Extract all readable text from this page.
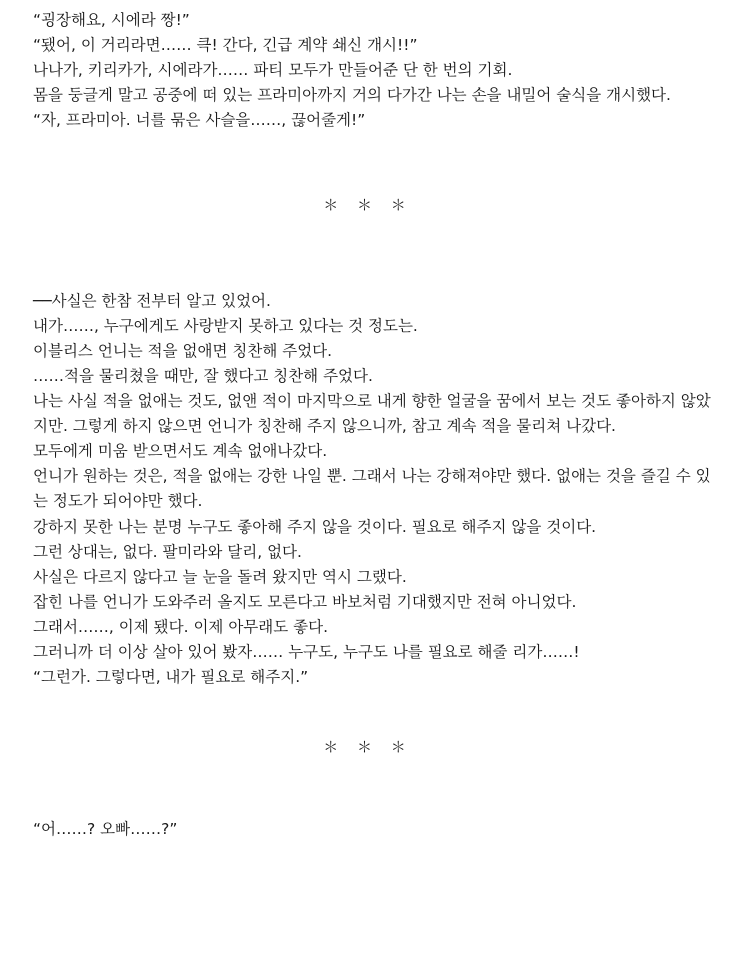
“굉장해요, 시에라 짱!”

“됐어, 이 거리라면…… 큭! 간다, 긴급 계약 쇄신 개시!!”

나나가, 키리카가, 시에라가…… 파티 모두가 만들어준 단 한 번의 기회.

몸을 둥글게 말고 공중에 떠 있는 프라미아까지 거의 다가간 나는 손을 내밀어 술식을 개시했다.

“자, 프라미아. 너를 묶은 사슬을……, 끊어줄게!”

＊ ＊ ＊

──사실은 한참 전부터 알고 있었어.

내가……, 누구에게도 사랑받지 못하고 있다는 것 정도는.

이블리스 언니는 적을 없애면 칭찬해 주었다.

……적을 물리쳤을 때만, 잘 했다고 칭찬해 주었다.

나는 사실 적을 없애는 것도, 없앤 적이 마지막으로 내게 향한 얼굴을 꿈에서 보는 것도 좋아하지 않았지만. 그렇게 하지 않으면 언니가 칭찬해 주지 않으니까, 참고 계속 적을 물리쳐 나갔다.

모두에게 미움 받으면서도 계속 없애나갔다.

언니가 원하는 것은, 적을 없애는 강한 나일 뿐. 그래서 나는 강해져야만 했다. 없애는 것을 즐길 수 있는 정도가 되어야만 했다.

강하지 못한 나는 분명 누구도 좋아해 주지 않을 것이다. 필요로 해주지 않을 것이다.

그런 상대는, 없다. 팔미라와 달리, 없다.

사실은 다르지 않다고 늘 눈을 돌려 왔지만 역시 그랬다.

잡힌 나를 언니가 도와주러 올지도 모른다고 바보처럼 기대했지만 전혀 아니었다.

그래서……, 이제 됐다. 이제 아무래도 좋다.

그러니까 더 이상 살아 있어 봤자…… 누구도, 누구도 나를 필요로 해줄 리가……!

“그런가. 그렇다면, 내가 필요로 해주지.”

＊ ＊ ＊

“어……? 오빠……?”
